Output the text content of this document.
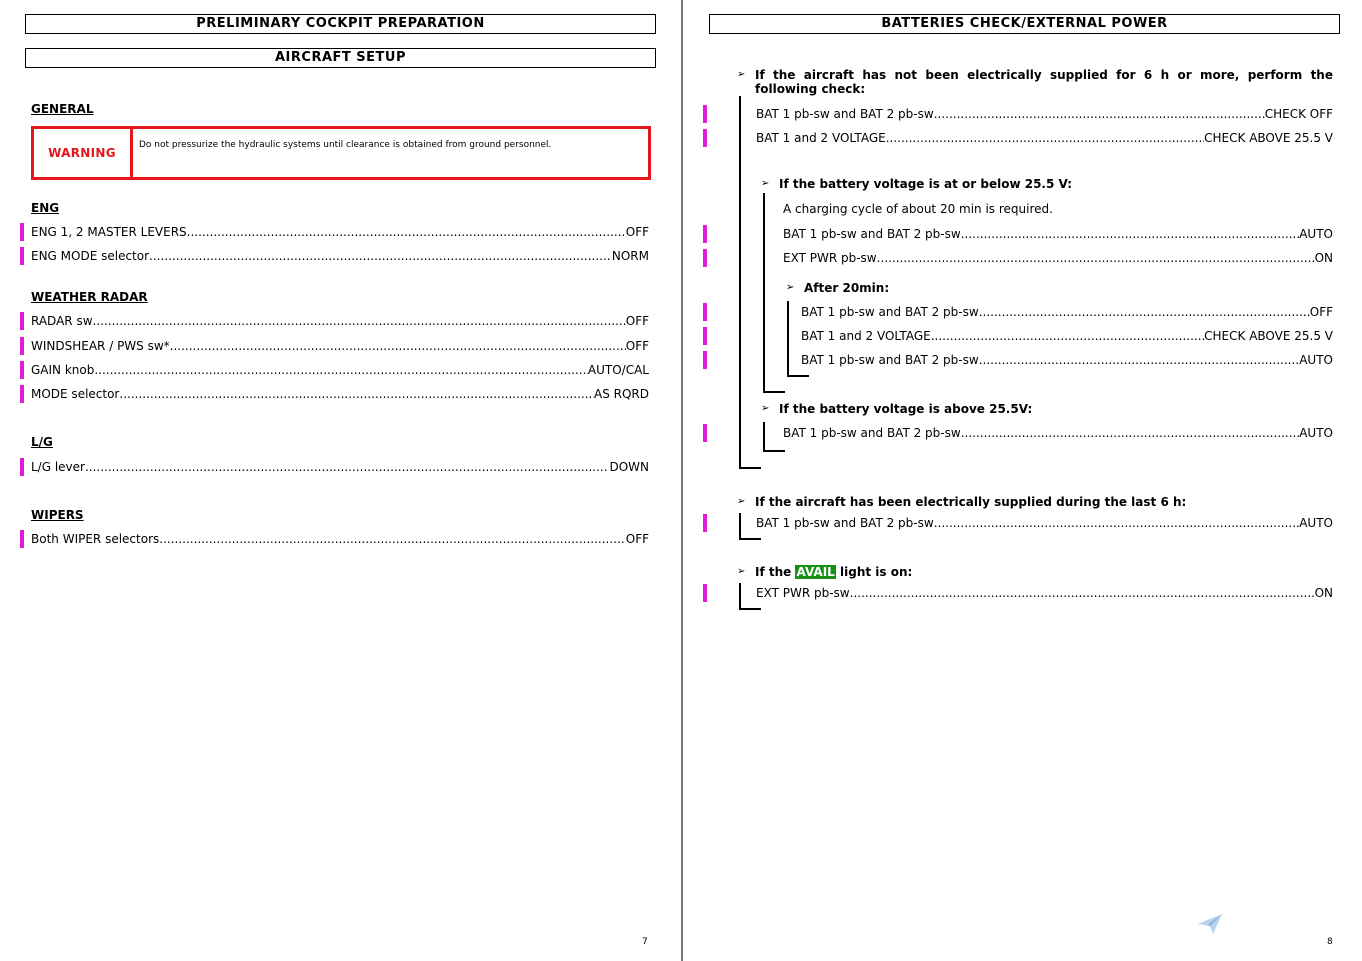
PRELIMINARY COCKPIT PREPARATION
AIRCRAFT SETUP
GENERAL
WARNING
Do not pressurize the hydraulic systems until clearance is obtained from ground personnel.
ENG
ENG 1, 2 MASTER LEVERS .....	OFF
ENG MODE selector .....	NORM
WEATHER RADAR
RADAR sw .....	OFF
WINDSHEAR / PWS sw* .....	OFF
GAIN knob .....	AUTO/CAL
MODE selector .....	AS RQRD
L/G
L/G lever .....	DOWN
WIPERS
Both WIPER selectors .....	OFF
7
BATTERIES CHECK/EXTERNAL POWER
➢ If the aircraft has not been electrically supplied for 6 h or more, perform the following check:
BAT 1 pb-sw and BAT 2 pb-sw .....	CHECK OFF
BAT 1 and 2 VOLTAGE .....	CHECK ABOVE 25.5 V
➢ If the battery voltage is at or below 25.5 V:
A charging cycle of about 20 min is required.
BAT 1 pb-sw and BAT 2 pb-sw .....	AUTO
EXT PWR pb-sw .....	ON
➢ After 20min:
BAT 1 pb-sw and BAT 2 pb-sw .....	OFF
BAT 1 and 2 VOLTAGE .....	CHECK ABOVE 25.5 V
BAT 1 pb-sw and BAT 2 pb-sw .....	AUTO
➢ If the battery voltage is above 25.5V:
BAT 1 pb-sw and BAT 2 pb-sw .....	AUTO
➢ If the aircraft has been electrically supplied during the last 6 h:
BAT 1 pb-sw and BAT 2 pb-sw .....	AUTO
➢ If the AVAIL light is on:
EXT PWR pb-sw .....	ON
8
